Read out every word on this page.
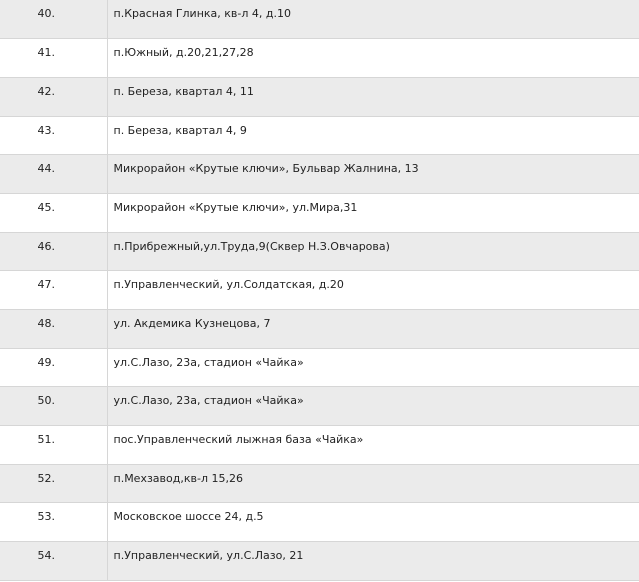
40.	п.Красная Глинка, кв-л 4, д.10
41.	п.Южный, д.20,21,27,28
42.	п. Береза, квартал 4, 11
43.	п. Береза, квартал 4, 9
44.	Микрорайон «Крутые ключи», Бульвар Жалнина, 13
45.	Микрорайон «Крутые ключи», ул.Мира,31
46.	п.Прибрежный,ул.Труда,9(Сквер Н.З.Овчарова)
47.	п.Управленческий, ул.Солдатская, д.20
48.	ул. Акдемика Кузнецова, 7
49.	ул.С.Лазо, 23а, стадион «Чайка»
50.	ул.С.Лазо, 23а, стадион «Чайка»
51.	пос.Управленческий лыжная база «Чайка»
52.	п.Мехзавод,кв-л 15,26
53.	Московское шоссе 24, д.5
54.	п.Управленческий, ул.С.Лазо, 21
